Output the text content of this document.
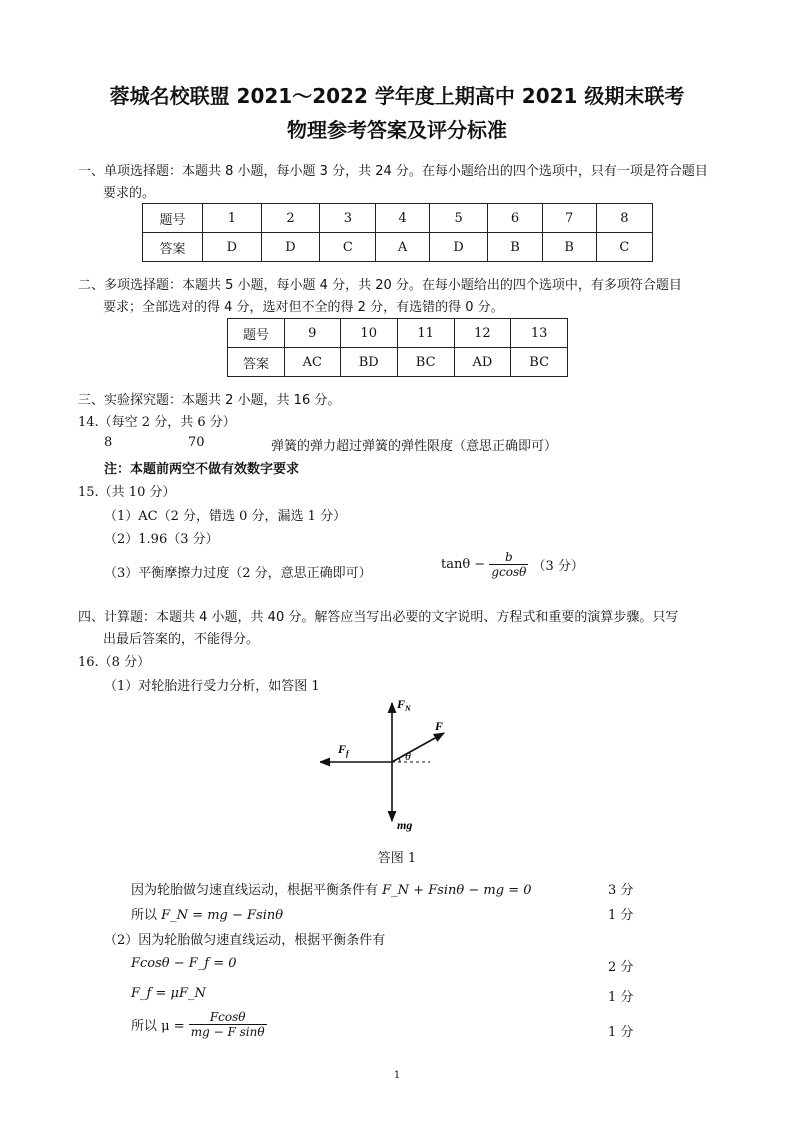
蓉城名校联盟 2021～2022 学年度上期高中 2021 级期末联考
物理参考答案及评分标准
一、单项选择题：本题共 8 小题，每小题 3 分，共 24 分。在每小题给出的四个选项中，只有一项是符合题目
要求的。
题号	1	2	3	4	5	6	7	8
答案	D	D	C	A	D	B	B	C
二、多项选择题：本题共 5 小题，每小题 4 分，共 20 分。在每小题给出的四个选项中，有多项符合题目
要求；全部选对的得 4 分，选对但不全的得 2 分，有选错的得 0 分。
题号	9	10	11	12	13
答案	AC	BD	BC	AD	BC
三、实验探究题：本题共 2 小题，共 16 分。
14.（每空 2 分，共 6 分）
8	70	弹簧的弹力超过弹簧的弹性限度（意思正确即可）
注：本题前两空不做有效数字要求
15.（共 10 分）
（1）AC（2 分，错选 0 分，漏选 1 分）
（2）1.96（3 分）
（3）平衡摩擦力过度（2 分，意思正确即可）
$\tan\theta - \frac{b}{gcos\theta} (3$ 分）
四、计算题：本题共 4 小题，共 40 分。解答应当写出必要的文字说明、方程式和重要的演算步骤。只写
出最后答案的，不能得分。
16.（8 分）
（1）对轮胎进行受力分析，如答图 1
$F_N$
F
$F_f$	θ
mg
答图 1
因为轮胎做匀速直线运动，根据平衡条件有 F_N + Fsinθ − mg = 0	3 分
所以 F_N = mg − Fsinθ	1 分
（2）因为轮胎做匀速直线运动，根据平衡条件有
Fcosθ − F_f = 0	2 分
F_f = μF_N	1 分
所以 $\mu = \frac{Fcos\theta}{\text{mg − F sinθ}}$	1 分
1
